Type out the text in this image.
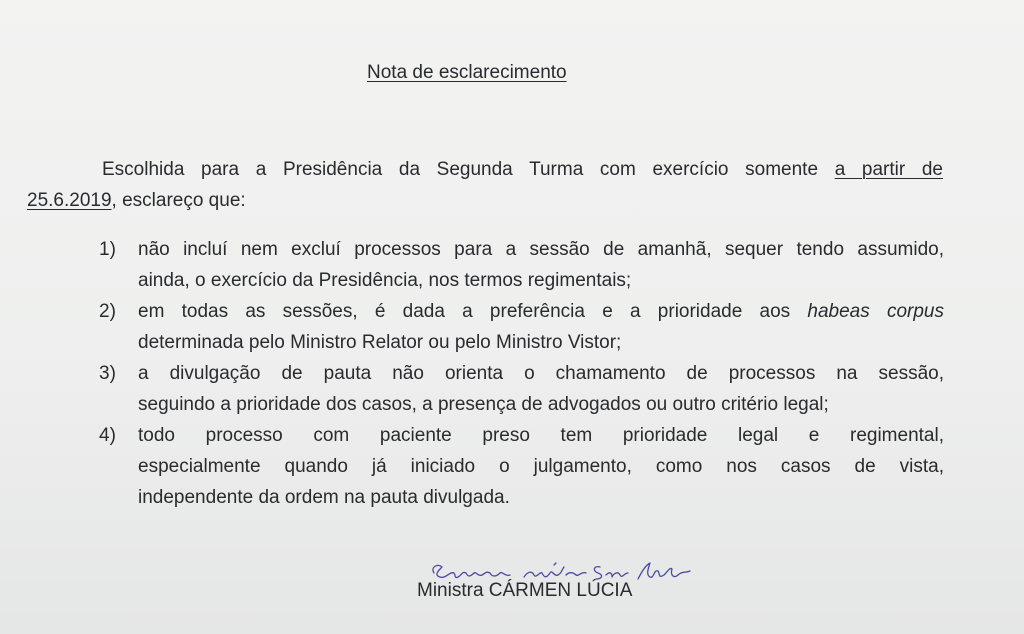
Nota de esclarecimento
Escolhida para a Presidência da Segunda Turma com exercício somente a partir de
25.6.2019, esclareço que:
1)	não incluí nem excluí processos para a sessão de amanhã, sequer tendo assumido,
ainda, o exercício da Presidência, nos termos regimentais;
2)	em todas as sessões, é dada a preferência e a prioridade aos habeas corpus
determinada pelo Ministro Relator ou pelo Ministro Vistor;
3)	a divulgação de pauta não orienta o chamamento de processos na sessão,
seguindo a prioridade dos casos, a presença de advogados ou outro critério legal;
4)	todo processo com paciente preso tem prioridade legal e regimental,
especialmente quando já iniciado o julgamento, como nos casos de vista,
independente da ordem na pauta divulgada.
Ministra CÁRMEN LÚCIA
